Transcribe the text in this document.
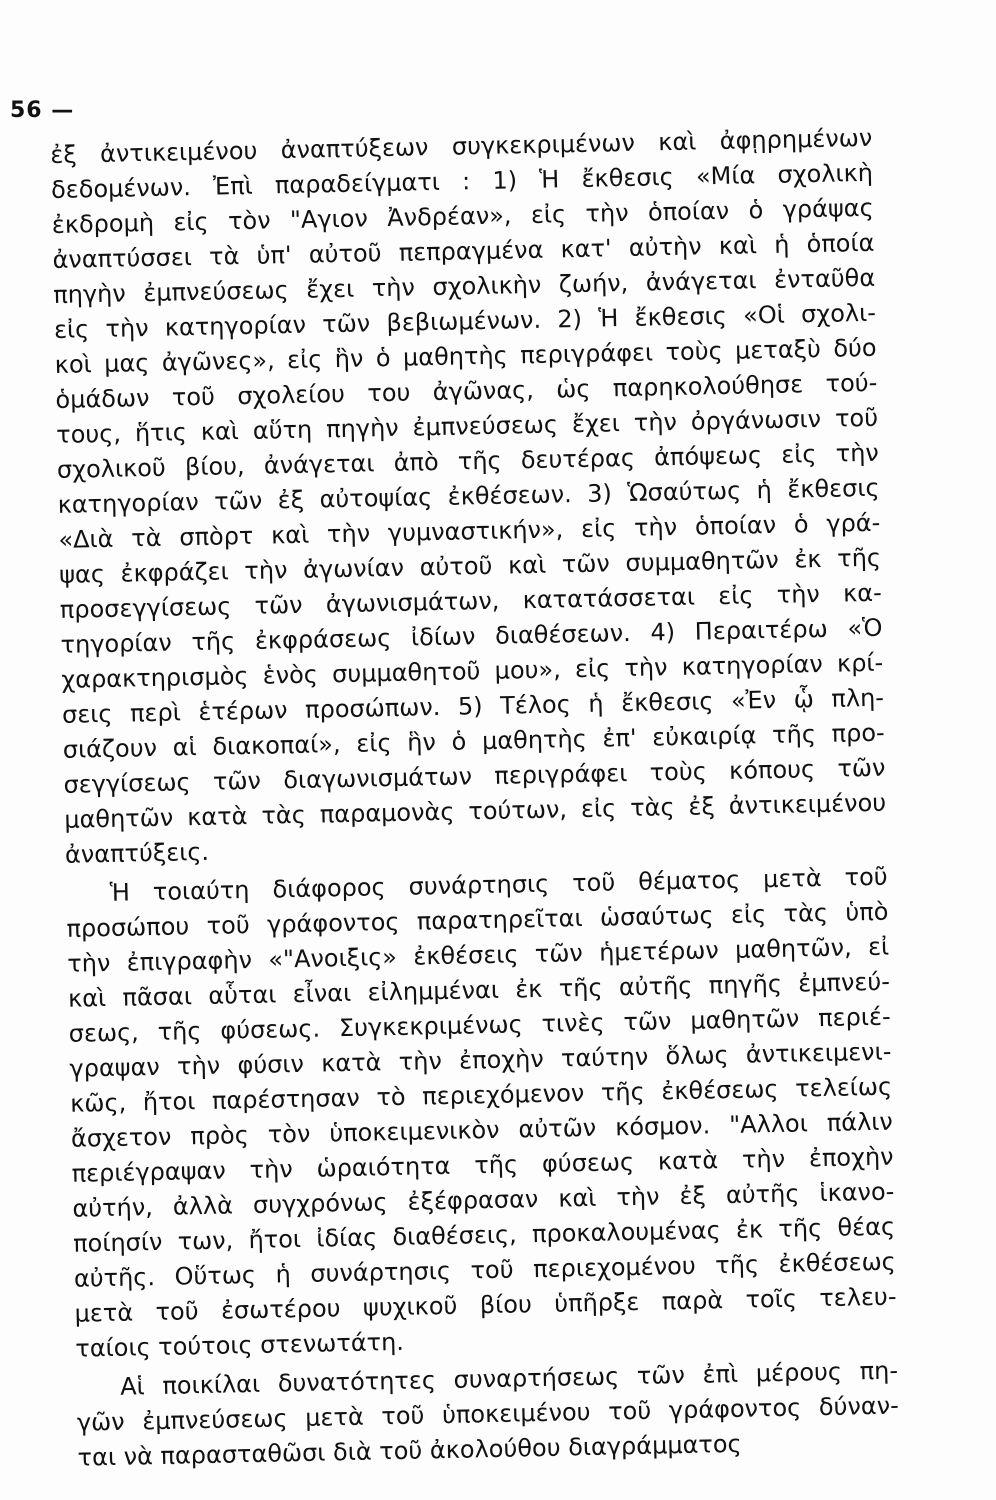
56 —
ἐξ ἀντικειμένου ἀναπτύξεων συγκεκριμένων καὶ ἀφῃρημένων
δεδομένων. Ἐπὶ παραδείγματι : 1) Ἡ ἔκθεσις «Μία σχολικὴ
ἐκδρομὴ εἰς τὸν "Αγιον Ἀνδρέαν», εἰς τὴν ὁποίαν ὁ γράψας
ἀναπτύσσει τὰ ὑπ' αὐτοῦ πεπραγμένα κατ' αὐτὴν καὶ ἡ ὁποία
πηγὴν ἐμπνεύσεως ἔχει τὴν σχολικὴν ζωήν, ἀνάγεται ἐνταῦθα
εἰς τὴν κατηγορίαν τῶν βεβιωμένων. 2) Ἡ ἔκθεσις «Οἱ σχολι-
κοὶ μας ἀγῶνες», εἰς ἣν ὁ μαθητὴς περιγράφει τοὺς μεταξὺ δύο
ὁμάδων τοῦ σχολείου του ἀγῶνας, ὡς παρηκολούθησε τού-
τους, ἥτις καὶ αὕτη πηγὴν ἐμπνεύσεως ἔχει τὴν ὀργάνωσιν τοῦ
σχολικοῦ βίου, ἀνάγεται ἀπὸ τῆς δευτέρας ἀπόψεως εἰς τὴν
κατηγορίαν τῶν ἐξ αὐτοψίας ἐκθέσεων. 3) Ὡσαύτως ἡ ἔκθεσις
«Διὰ τὰ σπὸρτ καὶ τὴν γυμναστικήν», εἰς τὴν ὁποίαν ὁ γρά-
ψας ἐκφράζει τὴν ἀγωνίαν αὐτοῦ καὶ τῶν συμμαθητῶν ἐκ τῆς
προσεγγίσεως τῶν ἀγωνισμάτων, κατατάσσεται εἰς τὴν κα-
τηγορίαν τῆς ἐκφράσεως ἰδίων διαθέσεων. 4) Περαιτέρω «Ὁ
χαρακτηρισμὸς ἑνὸς συμμαθητοῦ μου», εἰς τὴν κατηγορίαν κρί-
σεις περὶ ἑτέρων προσώπων. 5) Τέλος ἡ ἔκθεσις «Ἐν ᾧ πλη-
σιάζουν αἱ διακοπαί», εἰς ἣν ὁ μαθητὴς ἐπ' εὐκαιρίᾳ τῆς προ-
σεγγίσεως τῶν διαγωνισμάτων περιγράφει τοὺς κόπους τῶν
μαθητῶν κατὰ τὰς παραμονὰς τούτων, εἰς τὰς ἐξ ἀντικειμένου
ἀναπτύξεις.
Ἡ τοιαύτη διάφορος συνάρτησις τοῦ θέματος μετὰ τοῦ
προσώπου τοῦ γράφοντος παρατηρεῖται ὡσαύτως εἰς τὰς ὑπὸ
τὴν ἐπιγραφὴν «"Ανοιξις» ἐκθέσεις τῶν ἡμετέρων μαθητῶν, εἰ
καὶ πᾶσαι αὗται εἶναι εἰλημμέναι ἐκ τῆς αὐτῆς πηγῆς ἐμπνεύ-
σεως, τῆς φύσεως. Συγκεκριμένως τινὲς τῶν μαθητῶν περιέ-
γραψαν τὴν φύσιν κατὰ τὴν ἐποχὴν ταύτην ὅλως ἀντικειμενι-
κῶς, ἤτοι παρέστησαν τὸ περιεχόμενον τῆς ἐκθέσεως τελείως
ἄσχετον πρὸς τὸν ὑποκειμενικὸν αὐτῶν κόσμον. "Αλλοι πάλιν
περιέγραψαν τὴν ὡραιότητα τῆς φύσεως κατὰ τὴν ἐποχὴν
αὐτήν, ἀλλὰ συγχρόνως ἐξέφρασαν καὶ τὴν ἐξ αὐτῆς ἱκανο-
ποίησίν των, ἤτοι ἰδίας διαθέσεις, προκαλουμένας ἐκ τῆς θέας
αὐτῆς. Οὕτως ἡ συνάρτησις τοῦ περιεχομένου τῆς ἐκθέσεως
μετὰ τοῦ ἐσωτέρου ψυχικοῦ βίου ὑπῆρξε παρὰ τοῖς τελευ-
ταίοις τούτοις στενωτάτη.
Αἱ ποικίλαι δυνατότητες συναρτήσεως τῶν ἐπὶ μέρους πη-
γῶν ἐμπνεύσεως μετὰ τοῦ ὑποκειμένου τοῦ γράφοντος δύναν-
ται νὰ παρασταθῶσι διὰ τοῦ ἀκολούθου διαγράμματος
